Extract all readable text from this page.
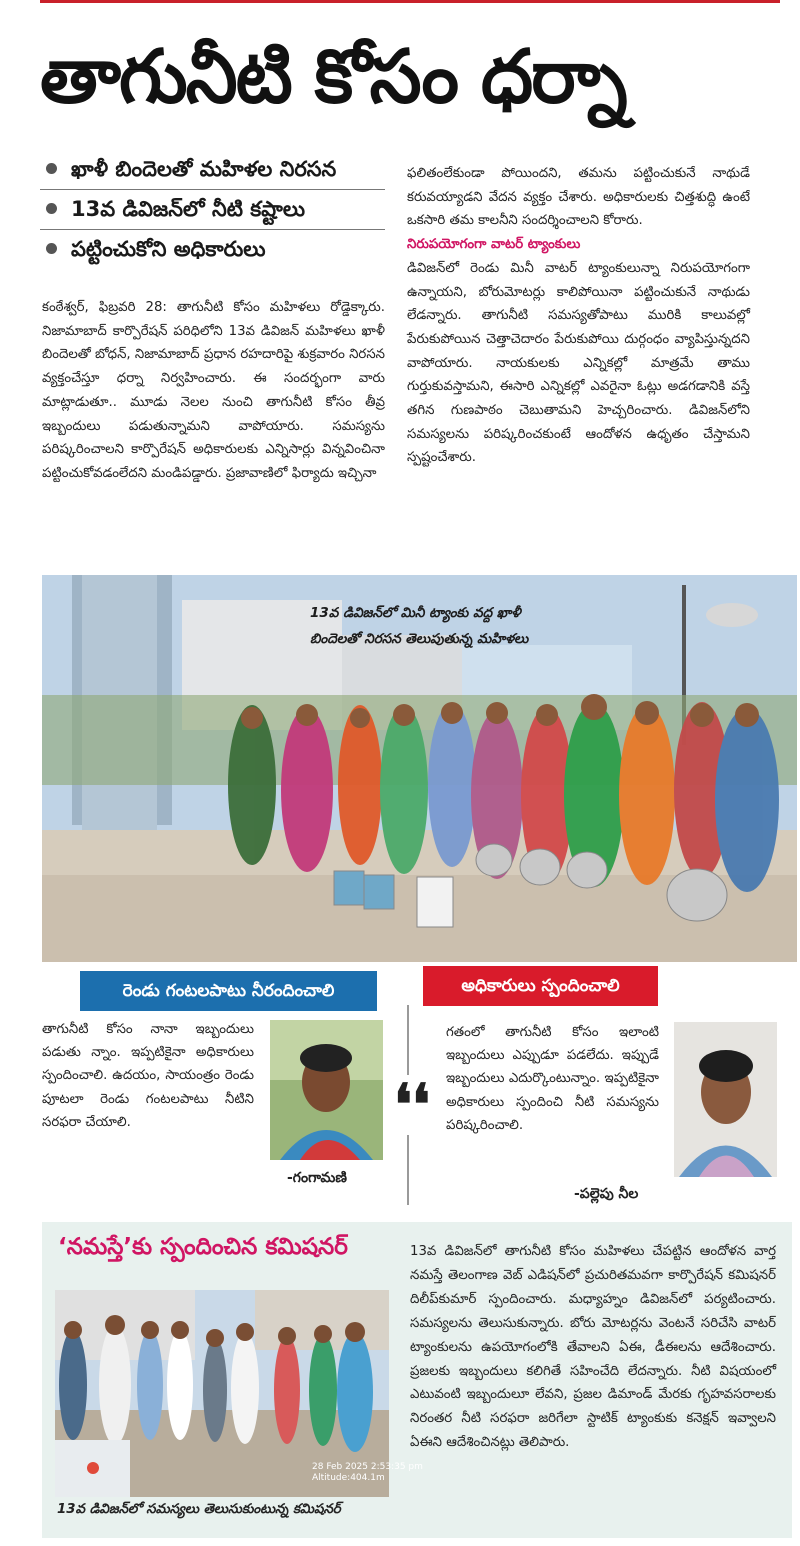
తాగునీటి కోసం ధర్నా
ఖాళీ బిందెలతో మహిళల నిరసన
13వ డివిజన్‌లో నీటి కష్టాలు
పట్టించుకోని అధికారులు
కంఠేశ్వర్, ఫిబ్రవరి 28: తాగునీటి కోసం మహిళలు రోడ్డెక్కారు. నిజామాబాద్ కార్పొరేషన్ పరిధిలోని 13వ డివిజన్ మహిళలు ఖాళీ బిందెలతో బోధన్, నిజామాబాద్ ప్రధాన రహదారిపై శుక్రవారం నిరసన వ్యక్తంచేస్తూ ధర్నా నిర్వహించారు. ఈ సందర్భంగా వారు మాట్లాడుతూ.. మూడు నెలల నుంచి తాగునీటి కోసం తీవ్ర ఇబ్బందులు పడుతున్నామని వాపోయారు. సమస్యను పరిష్కరించాలని కార్పొరేషన్ అధికారులకు ఎన్నిసార్లు విన్నవించినా పట్టించుకోవడంలేదని మండిపడ్డారు. ప్రజావాణిలో ఫిర్యాదు ఇచ్చినా
ఫలితంలేకుండా పోయిందని, తమను పట్టించుకునే నాథుడే కరువయ్యాడని వేదన వ్యక్తం చేశారు. అధికారులకు చిత్తశుద్ధి ఉంటే ఒకసారి తమ కాలనీని సందర్శించాలని కోరారు.
నిరుపయోగంగా వాటర్ ట్యాంకులు
డివిజన్‌లో రెండు మినీ వాటర్ ట్యాంకులున్నా నిరుపయోగంగా ఉన్నాయని, బోరుమోటర్లు కాలిపోయినా పట్టించుకునే నాథుడు లేడన్నారు. తాగునీటి సమస్యతోపాటు మురికి కాలువల్లో పేరుకుపోయిన చెత్తాచెదారం పేరుకుపోయి దుర్గంధం వ్యాపిస్తున్నదని వాపోయారు. నాయకులకు ఎన్నికల్లో మాత్రమే తాము గుర్తుకువస్తామని, ఈసారి ఎన్నికల్లో ఎవరైనా ఓట్లు అడగడానికి వస్తే తగిన గుణపాఠం చెబుతామని హెచ్చరించారు. డివిజన్‌లోని సమస్యలను పరిష్కరించకుంటే ఆందోళన ఉధృతం చేస్తామని స్పష్టంచేశారు.
13వ డివిజన్‌లో మినీ ట్యాంకు వద్ద ఖాళీ
బిందెలతో నిరసన తెలుపుతున్న మహిళలు
రెండు గంటలపాటు నీరందించాలి	అధికారులు స్పందించాలి
తాగునీటి కోసం నానా ఇబ్బందులు పడుతు న్నాం. ఇప్పటికైనా అధికారులు స్పందించాలి. ఉదయం, సాయంత్రం రెండు పూటలా రెండు గంటలపాటు నీటిని సరఫరా చేయాలి.
-గంగామణి
❛❛
గతంలో తాగునీటి కోసం ఇలాంటి ఇబ్బందులు ఎప్పుడూ పడలేదు. ఇప్పుడే ఇబ్బందులు ఎదుర్కొంటున్నాం. ఇప్పటికైనా అధికారులు స్పందించి నీటి సమస్యను పరిష్కరించాలి.
-పల్లెపు నీల
‘నమస్తే’కు స్పందించిన కమిషనర్
28 Feb 2025 2:53:35 pm
Altitude:404.1m
13వ డివిజన్‌లో సమస్యలు తెలుసుకుంటున్న కమిషనర్
13వ డివిజన్‌లో తాగునీటి కోసం మహిళలు చేపట్టిన ఆందోళన వార్త నమస్తే తెలంగాణ వెబ్ ఎడిషన్‌లో ప్రచురితమవగా కార్పొరేషన్ కమిషనర్ దిలీప్‌కుమార్ స్పందించారు. మధ్యాహ్నం డివిజన్‌లో పర్యటించారు. సమస్యలను తెలుసుకున్నారు. బోరు మోటర్లను వెంటనే సరిచేసి వాటర్ ట్యాంకులను ఉపయోగంలోకి తేవాలని ఏఈ, డీఈలను ఆదేశించారు. ప్రజలకు ఇబ్బందులు కలిగితే సహించేది లేదన్నారు. నీటి విషయంలో ఎటువంటి ఇబ్బందులూ లేవని, ప్రజల డిమాండ్ మేరకు గృహవసరాలకు నిరంతర నీటి సరఫరా జరిగేలా స్టాటిక్ ట్యాంకుకు కనెక్షన్ ఇవ్వాలని ఏఈని ఆదేశించినట్లు తెలిపారు.
